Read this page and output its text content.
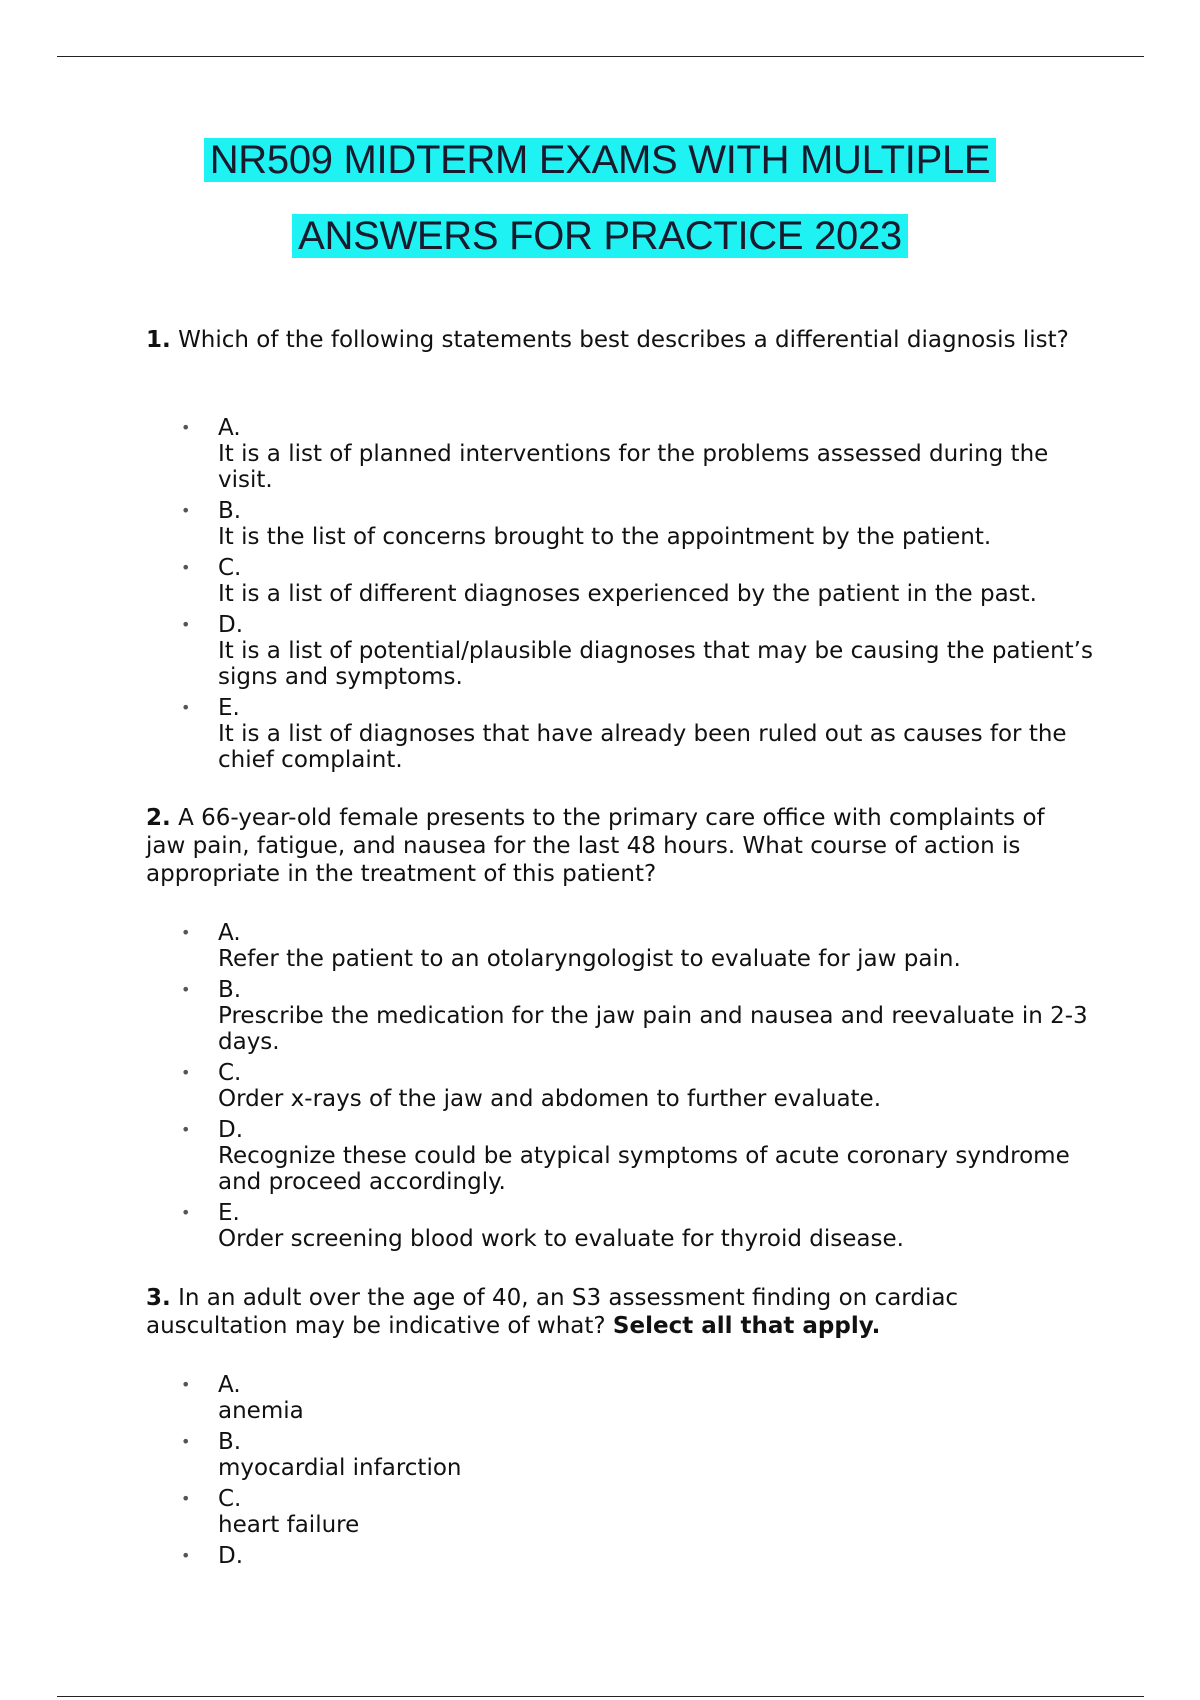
NR509 MIDTERM EXAMS WITH MULTIPLE
ANSWERS FOR PRACTICE 2023
1. Which of the following statements best describes a differential diagnosis list?
• A.
It is a list of planned interventions for the problems assessed during the visit.
• B.
It is the list of concerns brought to the appointment by the patient.
• C.
It is a list of different diagnoses experienced by the patient in the past.
• D.
It is a list of potential/plausible diagnoses that may be causing the patient’s signs and symptoms.
• E.
It is a list of diagnoses that have already been ruled out as causes for the chief complaint.
2. A 66-year-old female presents to the primary care office with complaints of jaw pain, fatigue, and nausea for the last 48 hours. What course of action is appropriate in the treatment of this patient?
• A.
Refer the patient to an otolaryngologist to evaluate for jaw pain.
• B.
Prescribe the medication for the jaw pain and nausea and reevaluate in 2-3 days.
• C.
Order x-rays of the jaw and abdomen to further evaluate.
• D.
Recognize these could be atypical symptoms of acute coronary syndrome and proceed accordingly.
• E.
Order screening blood work to evaluate for thyroid disease.
3. In an adult over the age of 40, an S3 assessment finding on cardiac auscultation may be indicative of what? Select all that apply.
• A.
anemia
• B.
myocardial infarction
• C.
heart failure
• D.
